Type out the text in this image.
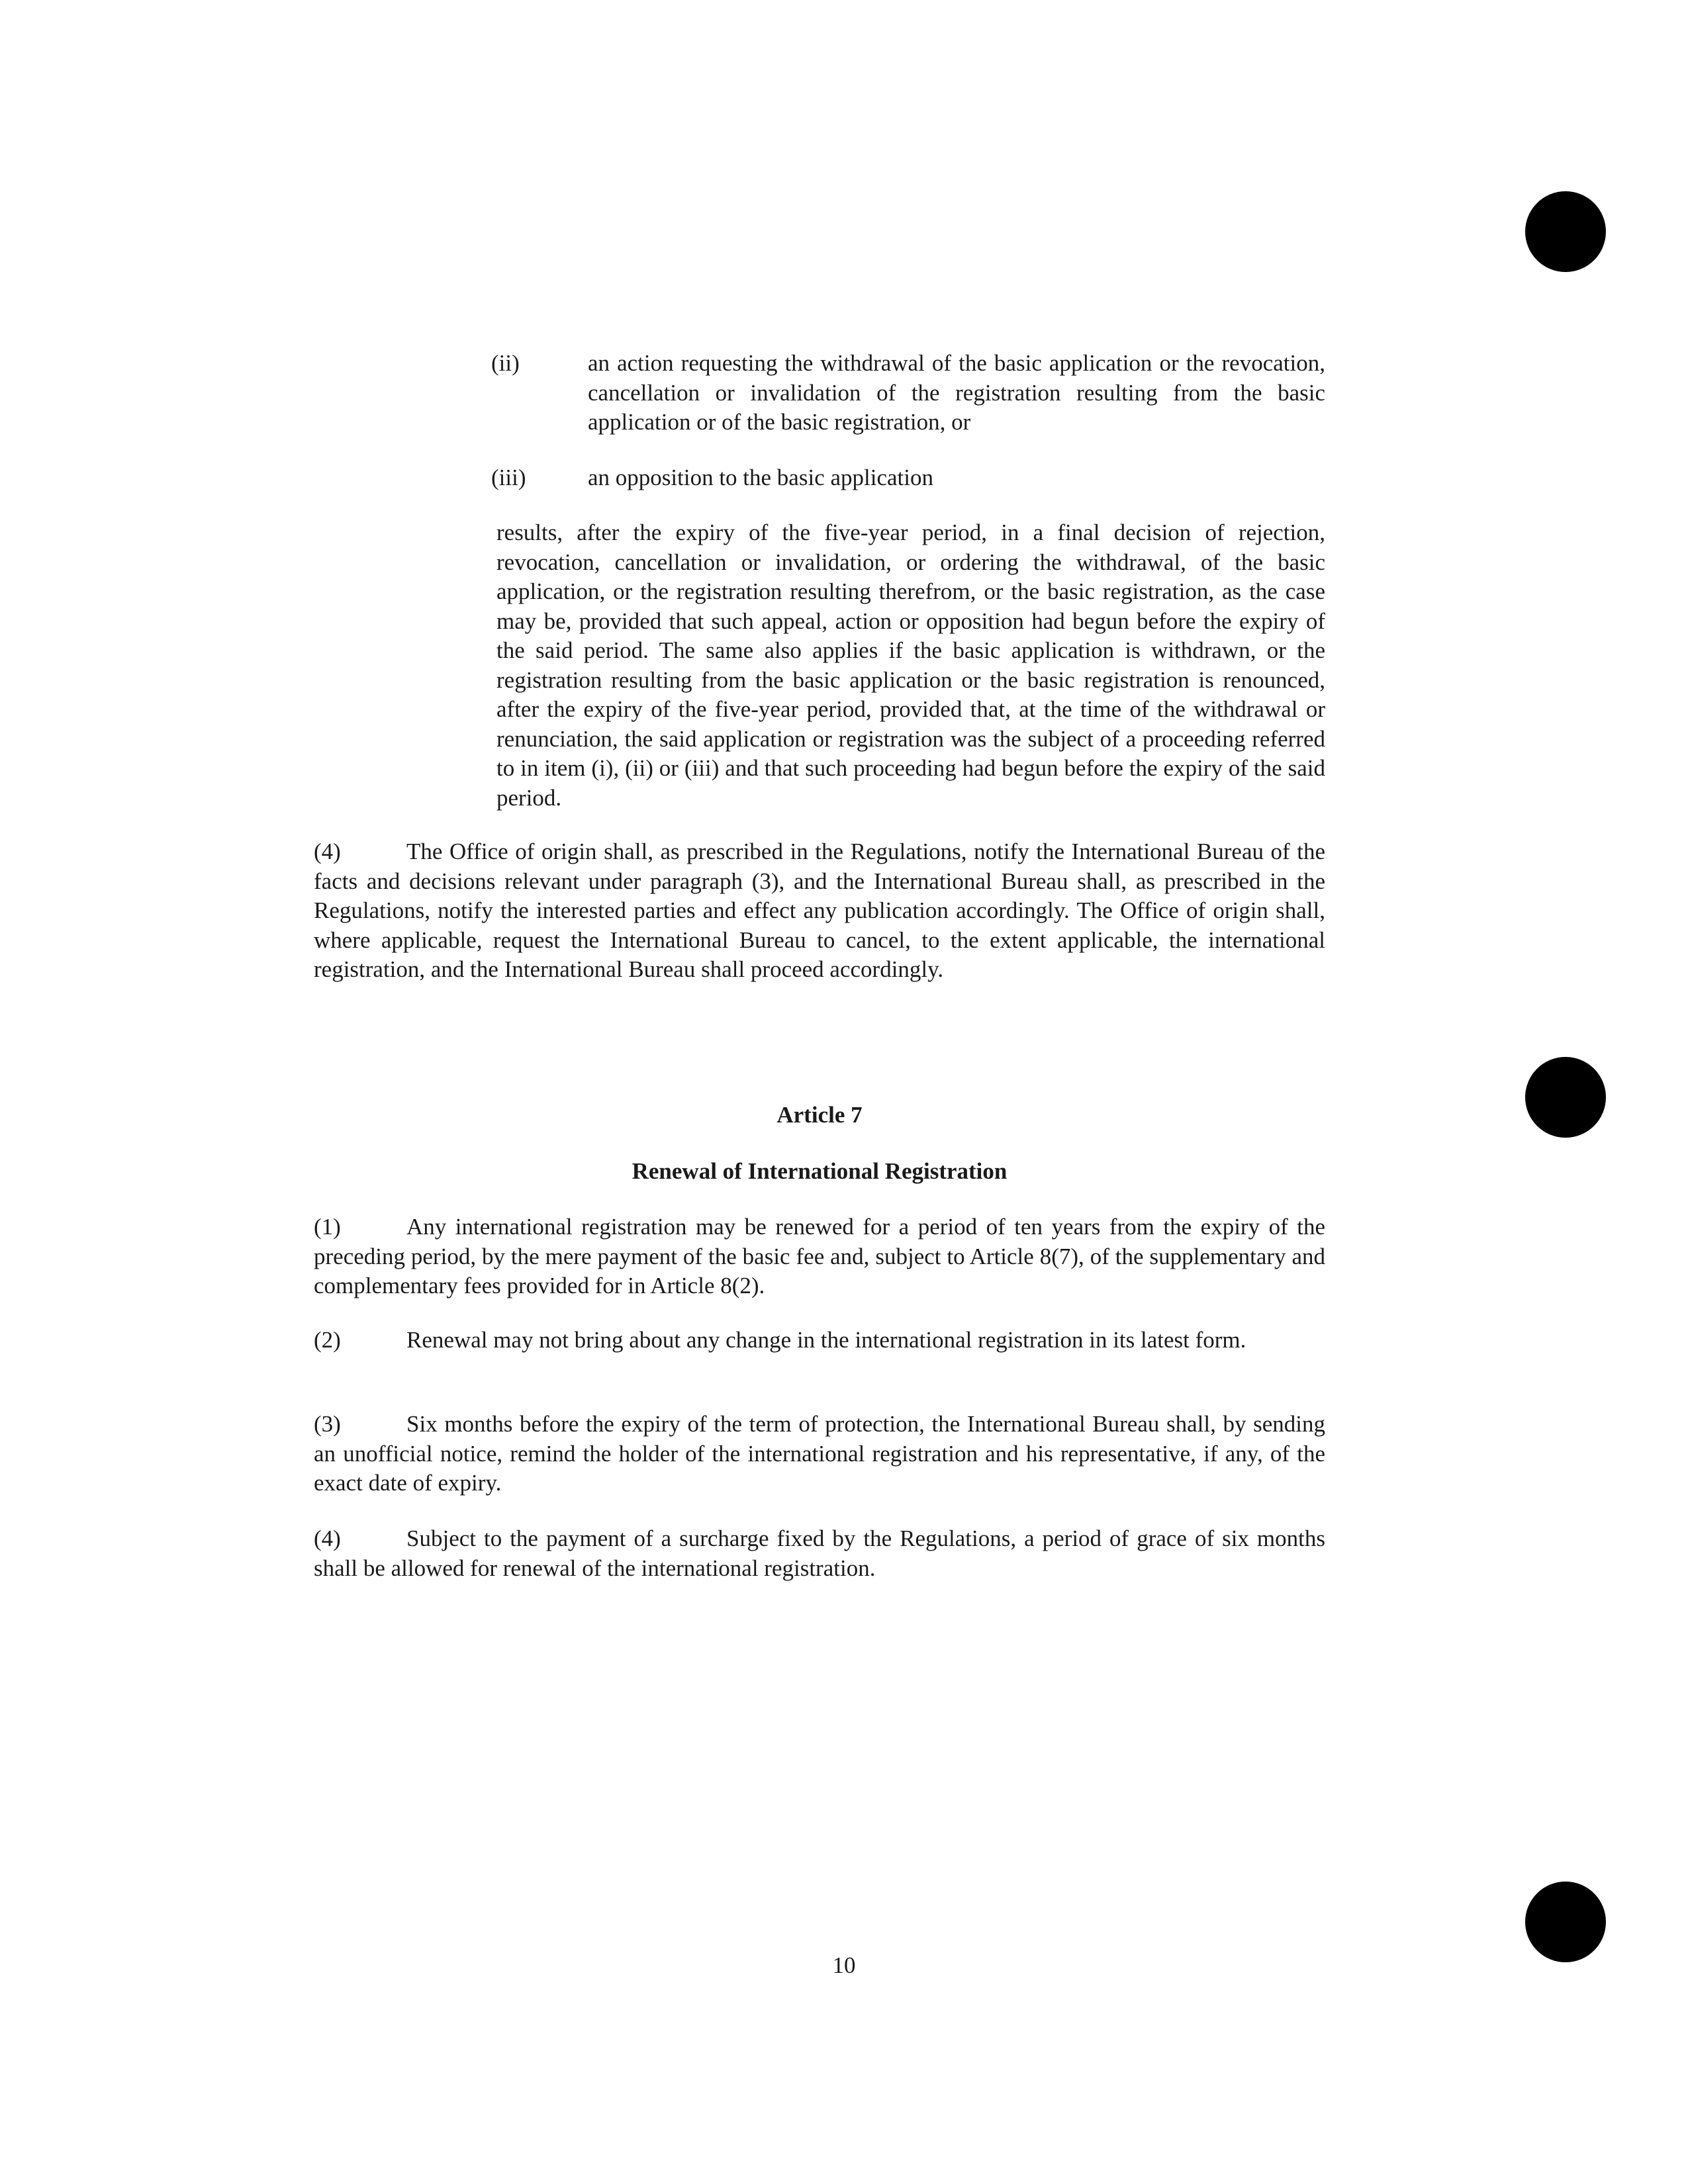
(ii)	an action requesting the withdrawal of the basic application or the revocation, cancellation or invalidation of the registration resulting from the basic application or of the basic registration, or

(iii)	an opposition to the basic application

results, after the expiry of the five-year period, in a final decision of rejection, revocation, cancellation or invalidation, or ordering the withdrawal, of the basic application, or the registration resulting therefrom, or the basic registration, as the case may be, provided that such appeal, action or opposition had begun before the expiry of the said period. The same also applies if the basic application is withdrawn, or the registration resulting from the basic application or the basic registration is renounced, after the expiry of the five-year period, provided that, at the time of the withdrawal or renunciation, the said application or registration was the subject of a proceeding referred to in item (i), (ii) or (iii) and that such proceeding had begun before the expiry of the said period.

(4)	The Office of origin shall, as prescribed in the Regulations, notify the International Bureau of the facts and decisions relevant under paragraph (3), and the International Bureau shall, as prescribed in the Regulations, notify the interested parties and effect any publication accordingly. The Office of origin shall, where applicable, request the International Bureau to cancel, to the extent applicable, the international registration, and the International Bureau shall proceed accordingly.

Article 7
Renewal of International Registration

(1)	Any international registration may be renewed for a period of ten years from the expiry of the preceding period, by the mere payment of the basic fee and, subject to Article 8(7), of the supplementary and complementary fees provided for in Article 8(2).

(2)	Renewal may not bring about any change in the international registration in its latest form.

(3)	Six months before the expiry of the term of protection, the International Bureau shall, by sending an unofficial notice, remind the holder of the international registration and his representative, if any, of the exact date of expiry.

(4)	Subject to the payment of a surcharge fixed by the Regulations, a period of grace of six months shall be allowed for renewal of the international registration.

10
